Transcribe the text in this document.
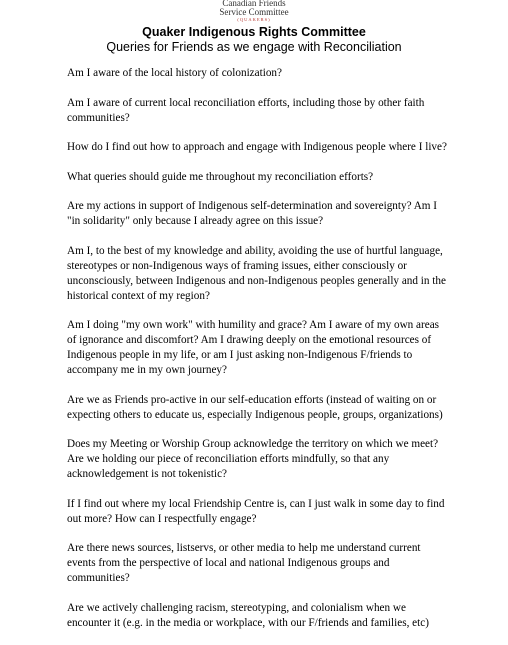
Canadian Friends
Service Committee
(QUAKERS)
Quaker Indigenous Rights Committee
Queries for Friends as we engage with Reconciliation
Am I aware of the local history of colonization?
Am I aware of current local reconciliation efforts, including those by other faith communities?
How do I find out how to approach and engage with Indigenous people where I live?
What queries should guide me throughout my reconciliation efforts?
Are my actions in support of Indigenous self-determination and sovereignty? Am I "in solidarity" only because I already agree on this issue?
Am I, to the best of my knowledge and ability, avoiding the use of hurtful language, stereotypes or non-Indigenous ways of framing issues, either consciously or unconsciously, between Indigenous and non-Indigenous peoples generally and in the historical context of my region?
Am I doing "my own work" with humility and grace? Am I aware of my own areas of ignorance and discomfort? Am I drawing deeply on the emotional resources of Indigenous people in my life, or am I just asking non-Indigenous F/friends to accompany me in my own journey?
Are we as Friends pro-active in our self-education efforts (instead of waiting on or expecting others to educate us, especially Indigenous people, groups, organizations)
Does my Meeting or Worship Group acknowledge the territory on which we meet? Are we holding our piece of reconciliation efforts mindfully, so that any acknowledgement is not tokenistic?
If I find out where my local Friendship Centre is, can I just walk in some day to find out more? How can I respectfully engage?
Are there news sources, listservs, or other media to help me understand current events from the perspective of local and national Indigenous groups and communities?
Are we actively challenging racism, stereotyping, and colonialism when we encounter it (e.g. in the media or workplace, with our F/friends and families, etc)
